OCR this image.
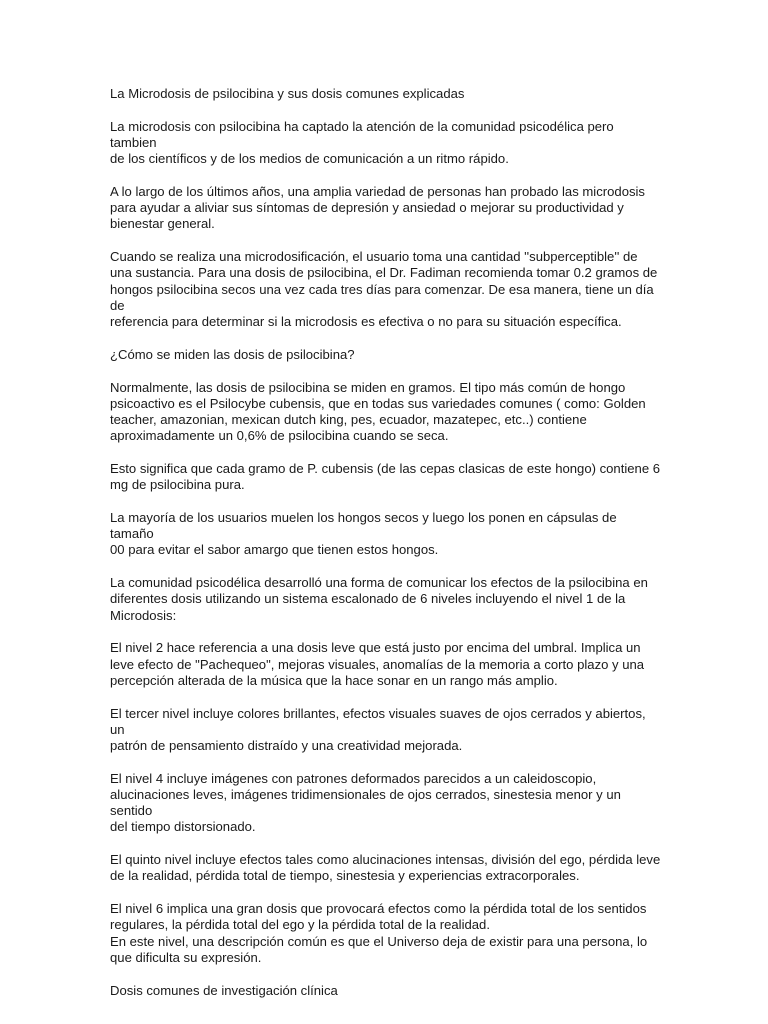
La Microdosis de psilocibina y sus dosis comunes explicadas

La microdosis con psilocibina ha captado la atención de la comunidad psicodélica pero tambien
de los científicos y de los medios de comunicación a un ritmo rápido.

A lo largo de los últimos años, una amplia variedad de personas han probado las microdosis
para ayudar a aliviar sus síntomas de depresión y ansiedad o mejorar su productividad y
bienestar general.

Cuando se realiza una microdosificación, el usuario toma una cantidad ''subperceptible'' de
una sustancia. Para una dosis de psilocibina, el Dr. Fadiman recomienda tomar 0.2 gramos de
hongos psilocibina secos una vez cada tres días para comenzar. De esa manera, tiene un día de
referencia para determinar si la microdosis es efectiva o no para su situación específica.

¿Cómo se miden las dosis de psilocibina?

Normalmente, las dosis de psilocibina se miden en gramos. El tipo más común de hongo
psicoactivo es el Psilocybe cubensis, que en todas sus variedades comunes ( como: Golden
teacher, amazonian, mexican dutch king, pes, ecuador, mazatepec, etc..) contiene
aproximadamente un 0,6% de psilocibina cuando se seca.

Esto significa que cada gramo de P. cubensis (de las cepas clasicas de este hongo) contiene 6
mg de psilocibina pura.

La mayoría de los usuarios muelen los hongos secos y luego los ponen en cápsulas de tamaño
00 para evitar el sabor amargo que tienen estos hongos.

La comunidad psicodélica desarrolló una forma de comunicar los efectos de la psilocibina en
diferentes dosis utilizando un sistema escalonado de 6 niveles incluyendo el nivel 1 de la
Microdosis:

El nivel 2 hace referencia a una dosis leve que está justo por encima del umbral. Implica un
leve efecto de "Pachequeo", mejoras visuales, anomalías de la memoria a corto plazo y una
percepción alterada de la música que la hace sonar en un rango más amplio.

El tercer nivel incluye colores brillantes, efectos visuales suaves de ojos cerrados y abiertos, un
patrón de pensamiento distraído y una creatividad mejorada.

El nivel 4 incluye imágenes con patrones deformados parecidos a un caleidoscopio,
alucinaciones leves, imágenes tridimensionales de ojos cerrados, sinestesia menor y un sentido
del tiempo distorsionado.

El quinto nivel incluye efectos tales como alucinaciones intensas, división del ego, pérdida leve
de la realidad, pérdida total de tiempo, sinestesia y experiencias extracorporales.

El nivel 6 implica una gran dosis que provocará efectos como la pérdida total de los sentidos
regulares, la pérdida total del ego y la pérdida total de la realidad.
En este nivel, una descripción común es que el Universo deja de existir para una persona, lo
que dificulta su expresión.

Dosis comunes de investigación clínica
